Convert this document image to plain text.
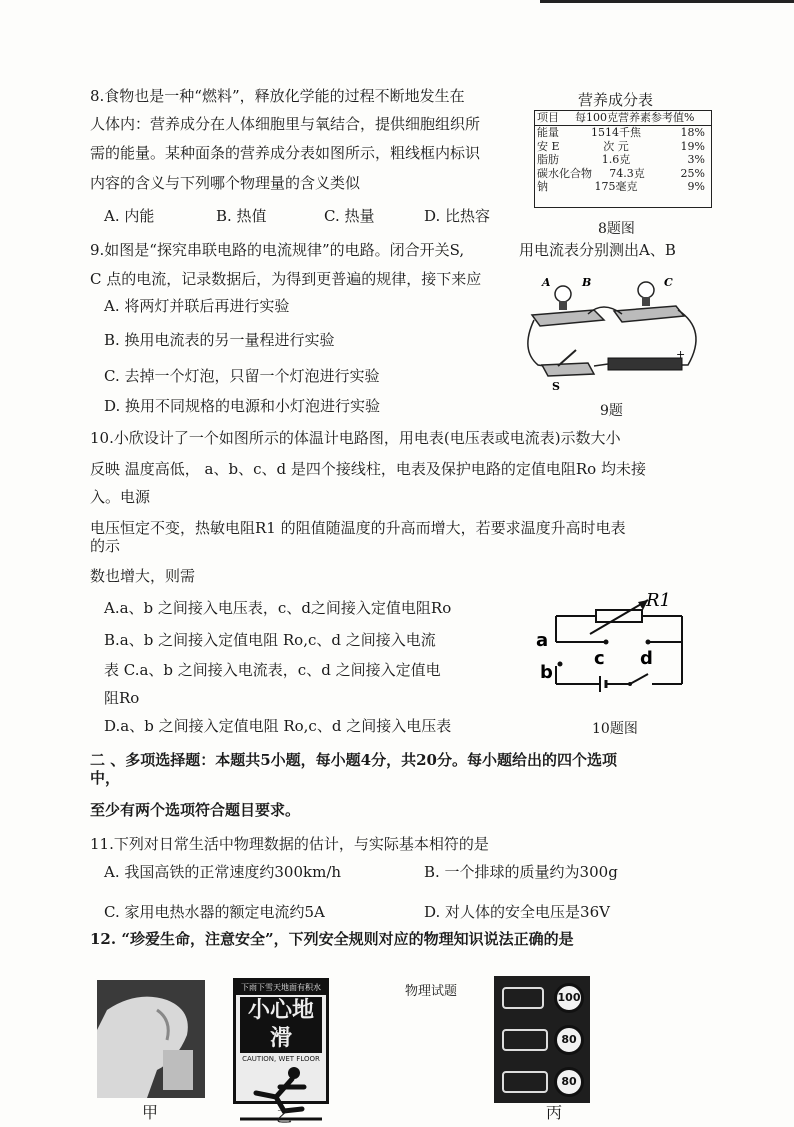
8.食物也是一种“燃料”，释放化学能的过程不断地发生在
人体内：营养成分在人体细胞里与氧结合，提供细胞组织所
需的能量。某种面条的营养成分表如图所示，粗线框内标识
内容的含义与下列哪个物理量的含义类似
A. 内能	B. 热值	C. 热量	D. 比热容
营养成分表
项目	每100克营养素参考值%
能量	1514千焦	18%
安 E	次 元	19%
脂肪	1.6克	3%
碳水化合物	74.3克	25%
钠	175毫克	9%
8题图
9.如图是“探究串联电路的电流规律”的电路。闭合开关S,	用电流表分别测出A、B
C 点的电流，记录数据后，为得到更普遍的规律，接下来应
A. 将两灯并联后再进行实验
B. 换用电流表的另一量程进行实验
C. 去掉一个灯泡，只留一个灯泡进行实验
D. 换用不同规格的电源和小灯泡进行实验
A	B	C
S
+
9题
10.小欣设计了一个如图所示的体温计电路图，用电表(电压表或电流表)示数大小
反映 温度高低， a、b、c、d 是四个接线柱，电表及保护电路的定值电阻Ro 均未接
入。电源
电压恒定不变，热敏电阻R1 的阻值随温度的升高而增大，若要求温度升高时电表
的示
数也增大，则需
A.a、b 之间接入电压表，c、d之间接入定值电阻Ro
B.a、b 之间接入定值电阻 Ro,c、d 之间接入电流
表 C.a、b 之间接入电流表，c、d 之间接入定值电
阻Ro
D.a、b 之间接入定值电阻 Ro,c、d 之间接入电压表
R1
a
b
c d
10题图
二 、多项选择题：本题共5小题，每小题4分，共20分。每小题给出的四个选项
中，
至少有两个选项符合题目要求。
11.下列对日常生活中物理数据的估计，与实际基本相符的是
A. 我国高铁的正常速度约300km/h	B. 一个排球的质量约为300g
C. 家用电热水器的额定电流约5A	D. 对人体的安全电压是36V
12. “珍爱生命，注意安全”，下列安全规则对应的物理知识说法正确的是
物理试题
下雨下雪天地面有积水
小心地滑
CAUTION, WET FLOOR
100
80
80
甲	乙	丙
